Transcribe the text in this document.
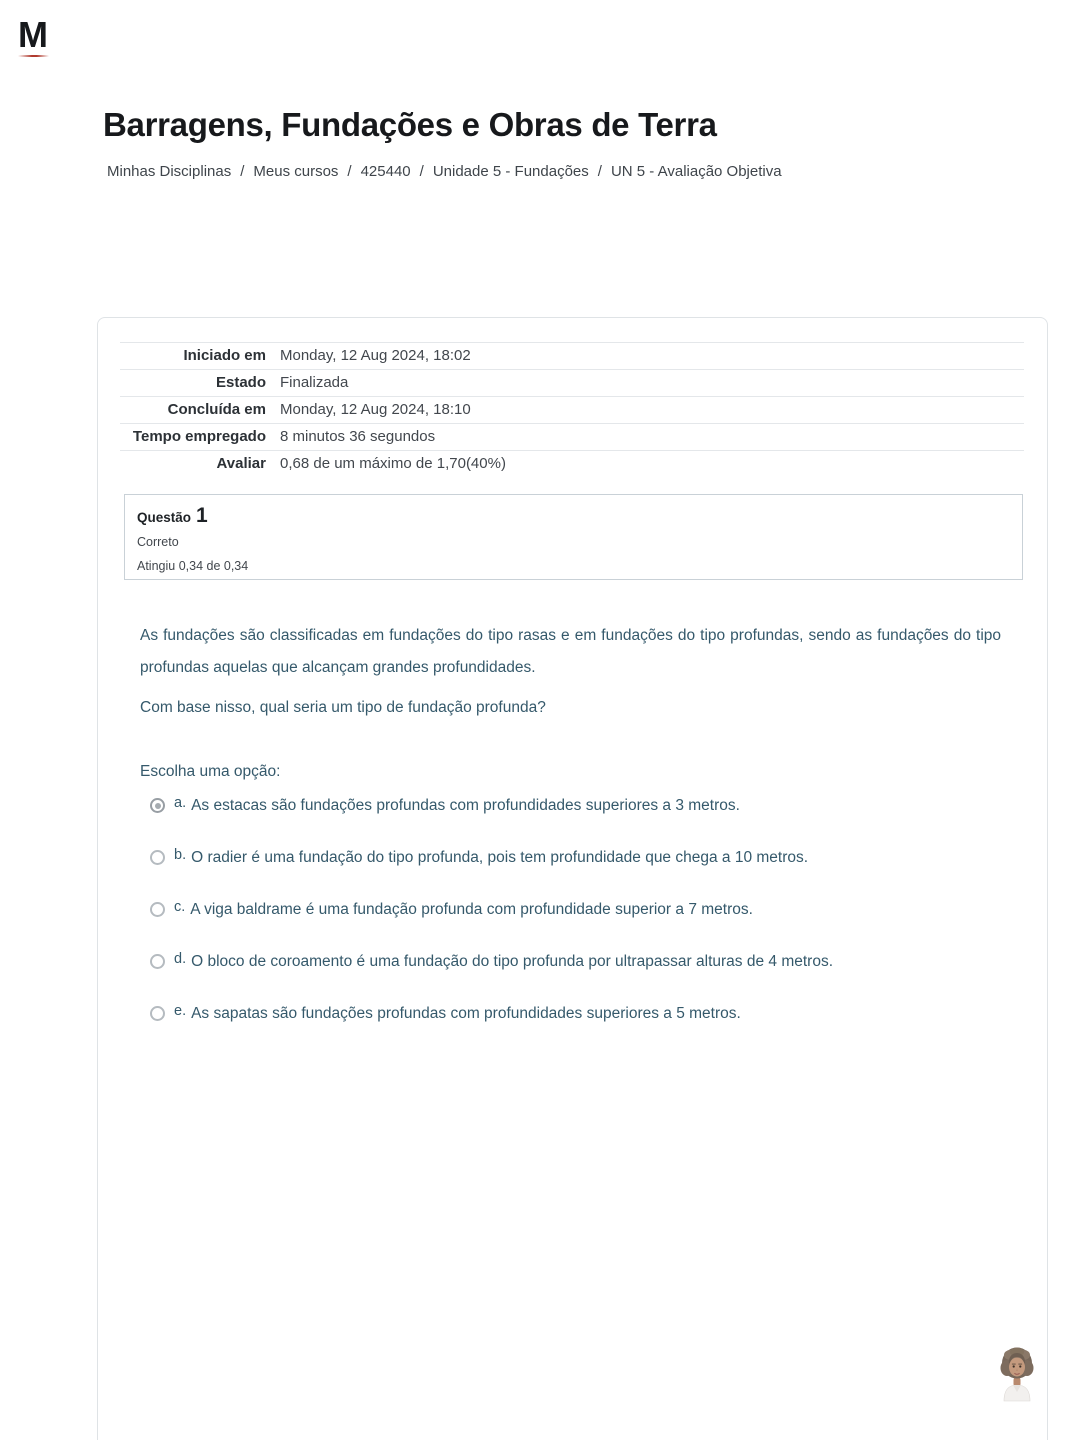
M
Barragens, Fundações e Obras de Terra
Minhas Disciplinas / Meus cursos / 425440 / Unidade 5 - Fundações / UN 5 - Avaliação Objetiva
Iniciado em Monday, 12 Aug 2024, 18:02
Estado Finalizada
Concluída em Monday, 12 Aug 2024, 18:10
Tempo empregado 8 minutos 36 segundos
Avaliar 0,68 de um máximo de 1,70(40%)
Questão 1
Correto
Atingiu 0,34 de 0,34

As fundações são classificadas em fundações do tipo rasas e em fundações do tipo profundas, sendo as fundações do tipo profundas aquelas que alcançam grandes profundidades.

Com base nisso, qual seria um tipo de fundação profunda?

Escolha uma opção:

a. As estacas são fundações profundas com profundidades superiores a 3 metros.
b. O radier é uma fundação do tipo profunda, pois tem profundidade que chega a 10 metros.
c. A viga baldrame é uma fundação profunda com profundidade superior a 7 metros.
d. O bloco de coroamento é uma fundação do tipo profunda por ultrapassar alturas de 4 metros.
e. As sapatas são fundações profundas com profundidades superiores a 5 metros.
